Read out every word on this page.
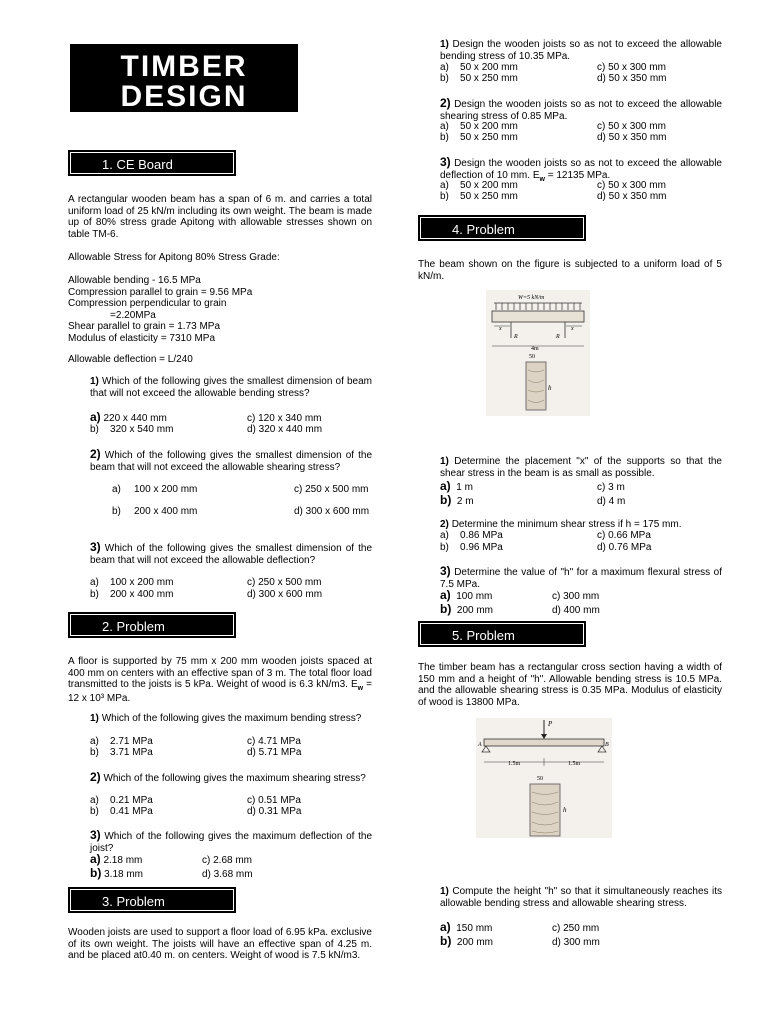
TIMBER
DESIGN
1. CE Board
A rectangular wooden beam has a span of 6 m. and carries a total uniform load of 25 kN/m including its own weight. The beam is made up of 80% stress grade Apitong with allowable stresses shown on table TM-6.
Allowable Stress for Apitong 80% Stress Grade:
Allowable bending - 16.5 MPa
Compression parallel to grain = 9.56 MPa
Compression perpendicular to grain
=2.20MPa
Shear parallel to grain = 1.73 MPa
Modulus of elasticity = 7310 MPa
Allowable deflection = L/240
1) Which of the following gives the smallest dimension of beam that will not exceed the allowable bending stress?
a) 220 x 440 mm	c) 120 x 340 mm
b) 320 x 540 mm	d) 320 x 440 mm
2) Which of the following gives the smallest dimension of the beam that will not exceed the allowable shearing stress?
a) 100 x 200 mm	c) 250 x 500 mm
b) 200 x 400 mm	d) 300 x 600 mm
3) Which of the following gives the smallest dimension of the beam that will not exceed the allowable deflection?
a) 100 x 200 mm	c) 250 x 500 mm
b) 200 x 400 mm	d) 300 x 600 mm
2. Problem
A floor is supported by 75 mm x 200 mm wooden joists spaced at 400 mm on centers with an effective span of 3 m. The total floor load transmitted to the joists is 5 kPa. Weight of wood is 6.3 kN/m3. $E_w = 12$ x 10³ MPa.
1) Which of the following gives the maximum bending stress?
a) 2.71 MPa	c) 4.71 MPa
b) 3.71 MPa	d) 5.71 MPa
2) Which of the following gives the maximum shearing stress?
a) 0.21 MPa	c) 0.51 MPa
b) 0.41 MPa	d) 0.31 MPa
3) Which of the following gives the maximum deflection of the joist?
a) 2.18 mm	c) 2.68 mm
b) 3.18 mm	d) 3.68 mm
3. Problem
Wooden joists are used to support a floor load of 6.95 kPa. exclusive of its own weight. The joists will have an effective span of 4.25 m. and be placed at0.40 m. on centers. Weight of wood is 7.5 kN/m3.
1) Design the wooden joists so as not to exceed the allowable bending stress of 10.35 MPa.
a) 50 x 200 mm	c) 50 x 300 mm
b) 50 x 250 mm	d) 50 x 350 mm
2) Design the wooden joists so as not to exceed the allowable shearing stress of 0.85 MPa.
a) 50 x 200 mm	c) 50 x 300 mm
b) 50 x 250 mm	d) 50 x 350 mm
3) Design the wooden joists so as not to exceed the allowable deflection of 10 mm. $E_w = 12135$ MPa.
a) 50 x 200 mm	c) 50 x 300 mm
b) 50 x 250 mm	d) 50 x 350 mm
4. Problem
The beam shown on the figure is subjected to a uniform load of 5 kN/m.
W=5 kN/m
x	x
R	R
4m
50
h
1) Determine the placement "x" of the supports so that the shear stress in the beam is as small as possible.
a) 1 m	c) 3 m
b) 2 m	d) 4 m
2) Determine the minimum shear stress if h = 175 mm.
a) 0.86 MPa	c) 0.66 MPa
b) 0.96 MPa	d) 0.76 MPa
3) Determine the value of "h" for a maximum flexural stress of 7.5 MPa.
a) 100 mm	c) 300 mm
b) 200 mm	d) 400 mm
5. Problem
The timber beam has a rectangular cross section having a width of 150 mm and a height of "h". Allowable bending stress is 10.5 MPa. and the allowable shearing stress is 0.35 MPa. Modulus of elasticity of wood is 13800 MPa.
P
A	B
1.5m	1.5m
50
h
1) Compute the height "h" so that it simultaneously reaches its allowable bending stress and allowable shearing stress.
a) 150 mm	c) 250 mm
b) 200 mm	d) 300 mm
